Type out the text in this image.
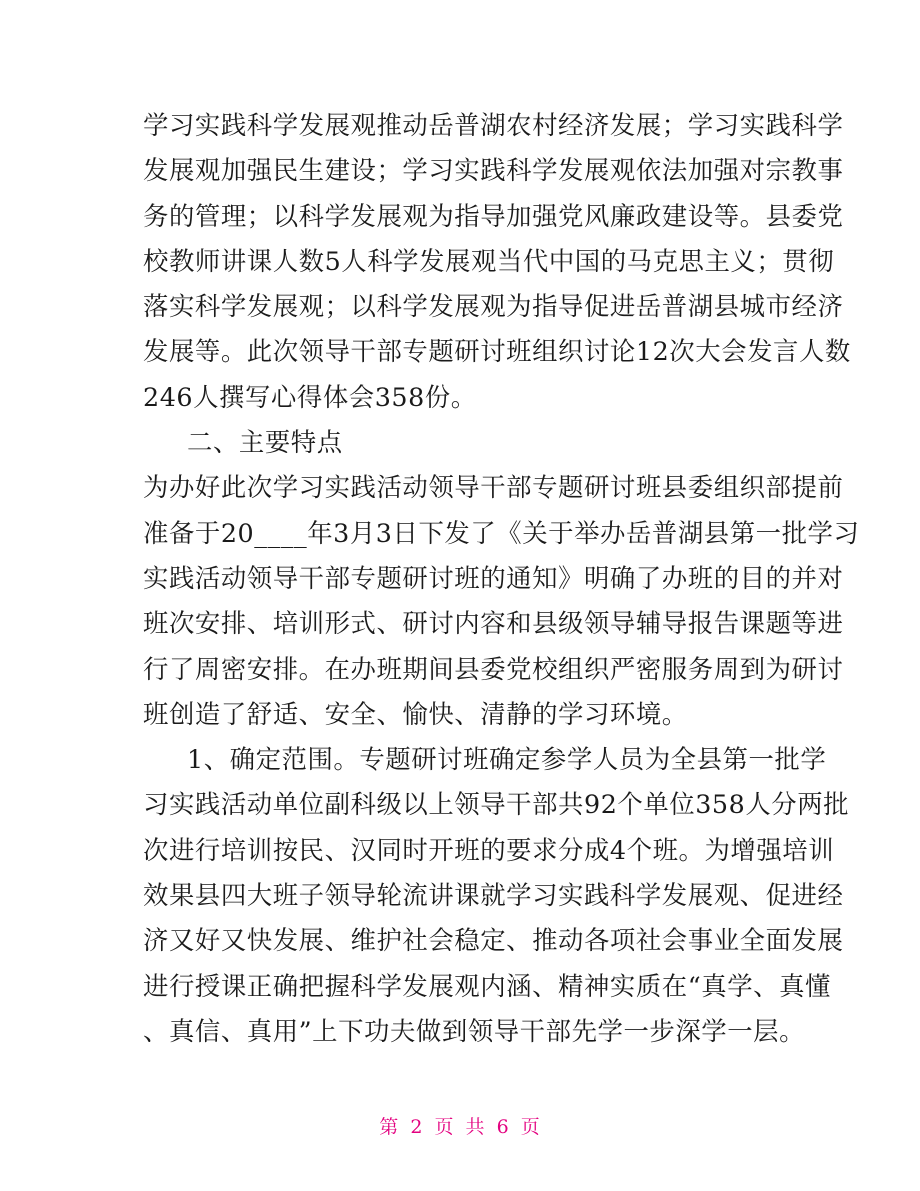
学习实践科学发展观推动岳普湖农村经济发展；学习实践科学
发展观加强民生建设；学习实践科学发展观依法加强对宗教事
务的管理；以科学发展观为指导加强党风廉政建设等。县委党
校教师讲课人数5人科学发展观当代中国的马克思主义；贯彻
落实科学发展观；以科学发展观为指导促进岳普湖县城市经济
发展等。此次领导干部专题研讨班组织讨论12次大会发言人数
246人撰写心得体会358份。
二、主要特点
为办好此次学习实践活动领导干部专题研讨班县委组织部提前
准备于20____年3月3日下发了《关于举办岳普湖县第一批学习
实践活动领导干部专题研讨班的通知》明确了办班的目的并对
班次安排、培训形式、研讨内容和县级领导辅导报告课题等进
行了周密安排。在办班期间县委党校组织严密服务周到为研讨
班创造了舒适、安全、愉快、清静的学习环境。
1、确定范围。专题研讨班确定参学人员为全县第一批学
习实践活动单位副科级以上领导干部共92个单位358人分两批
次进行培训按民、汉同时开班的要求分成4个班。为增强培训
效果县四大班子领导轮流讲课就学习实践科学发展观、促进经
济又好又快发展、维护社会稳定、推动各项社会事业全面发展
进行授课正确把握科学发展观内涵、精神实质在“真学、真懂
、真信、真用”上下功夫做到领导干部先学一步深学一层。
第 2 页 共 6 页
